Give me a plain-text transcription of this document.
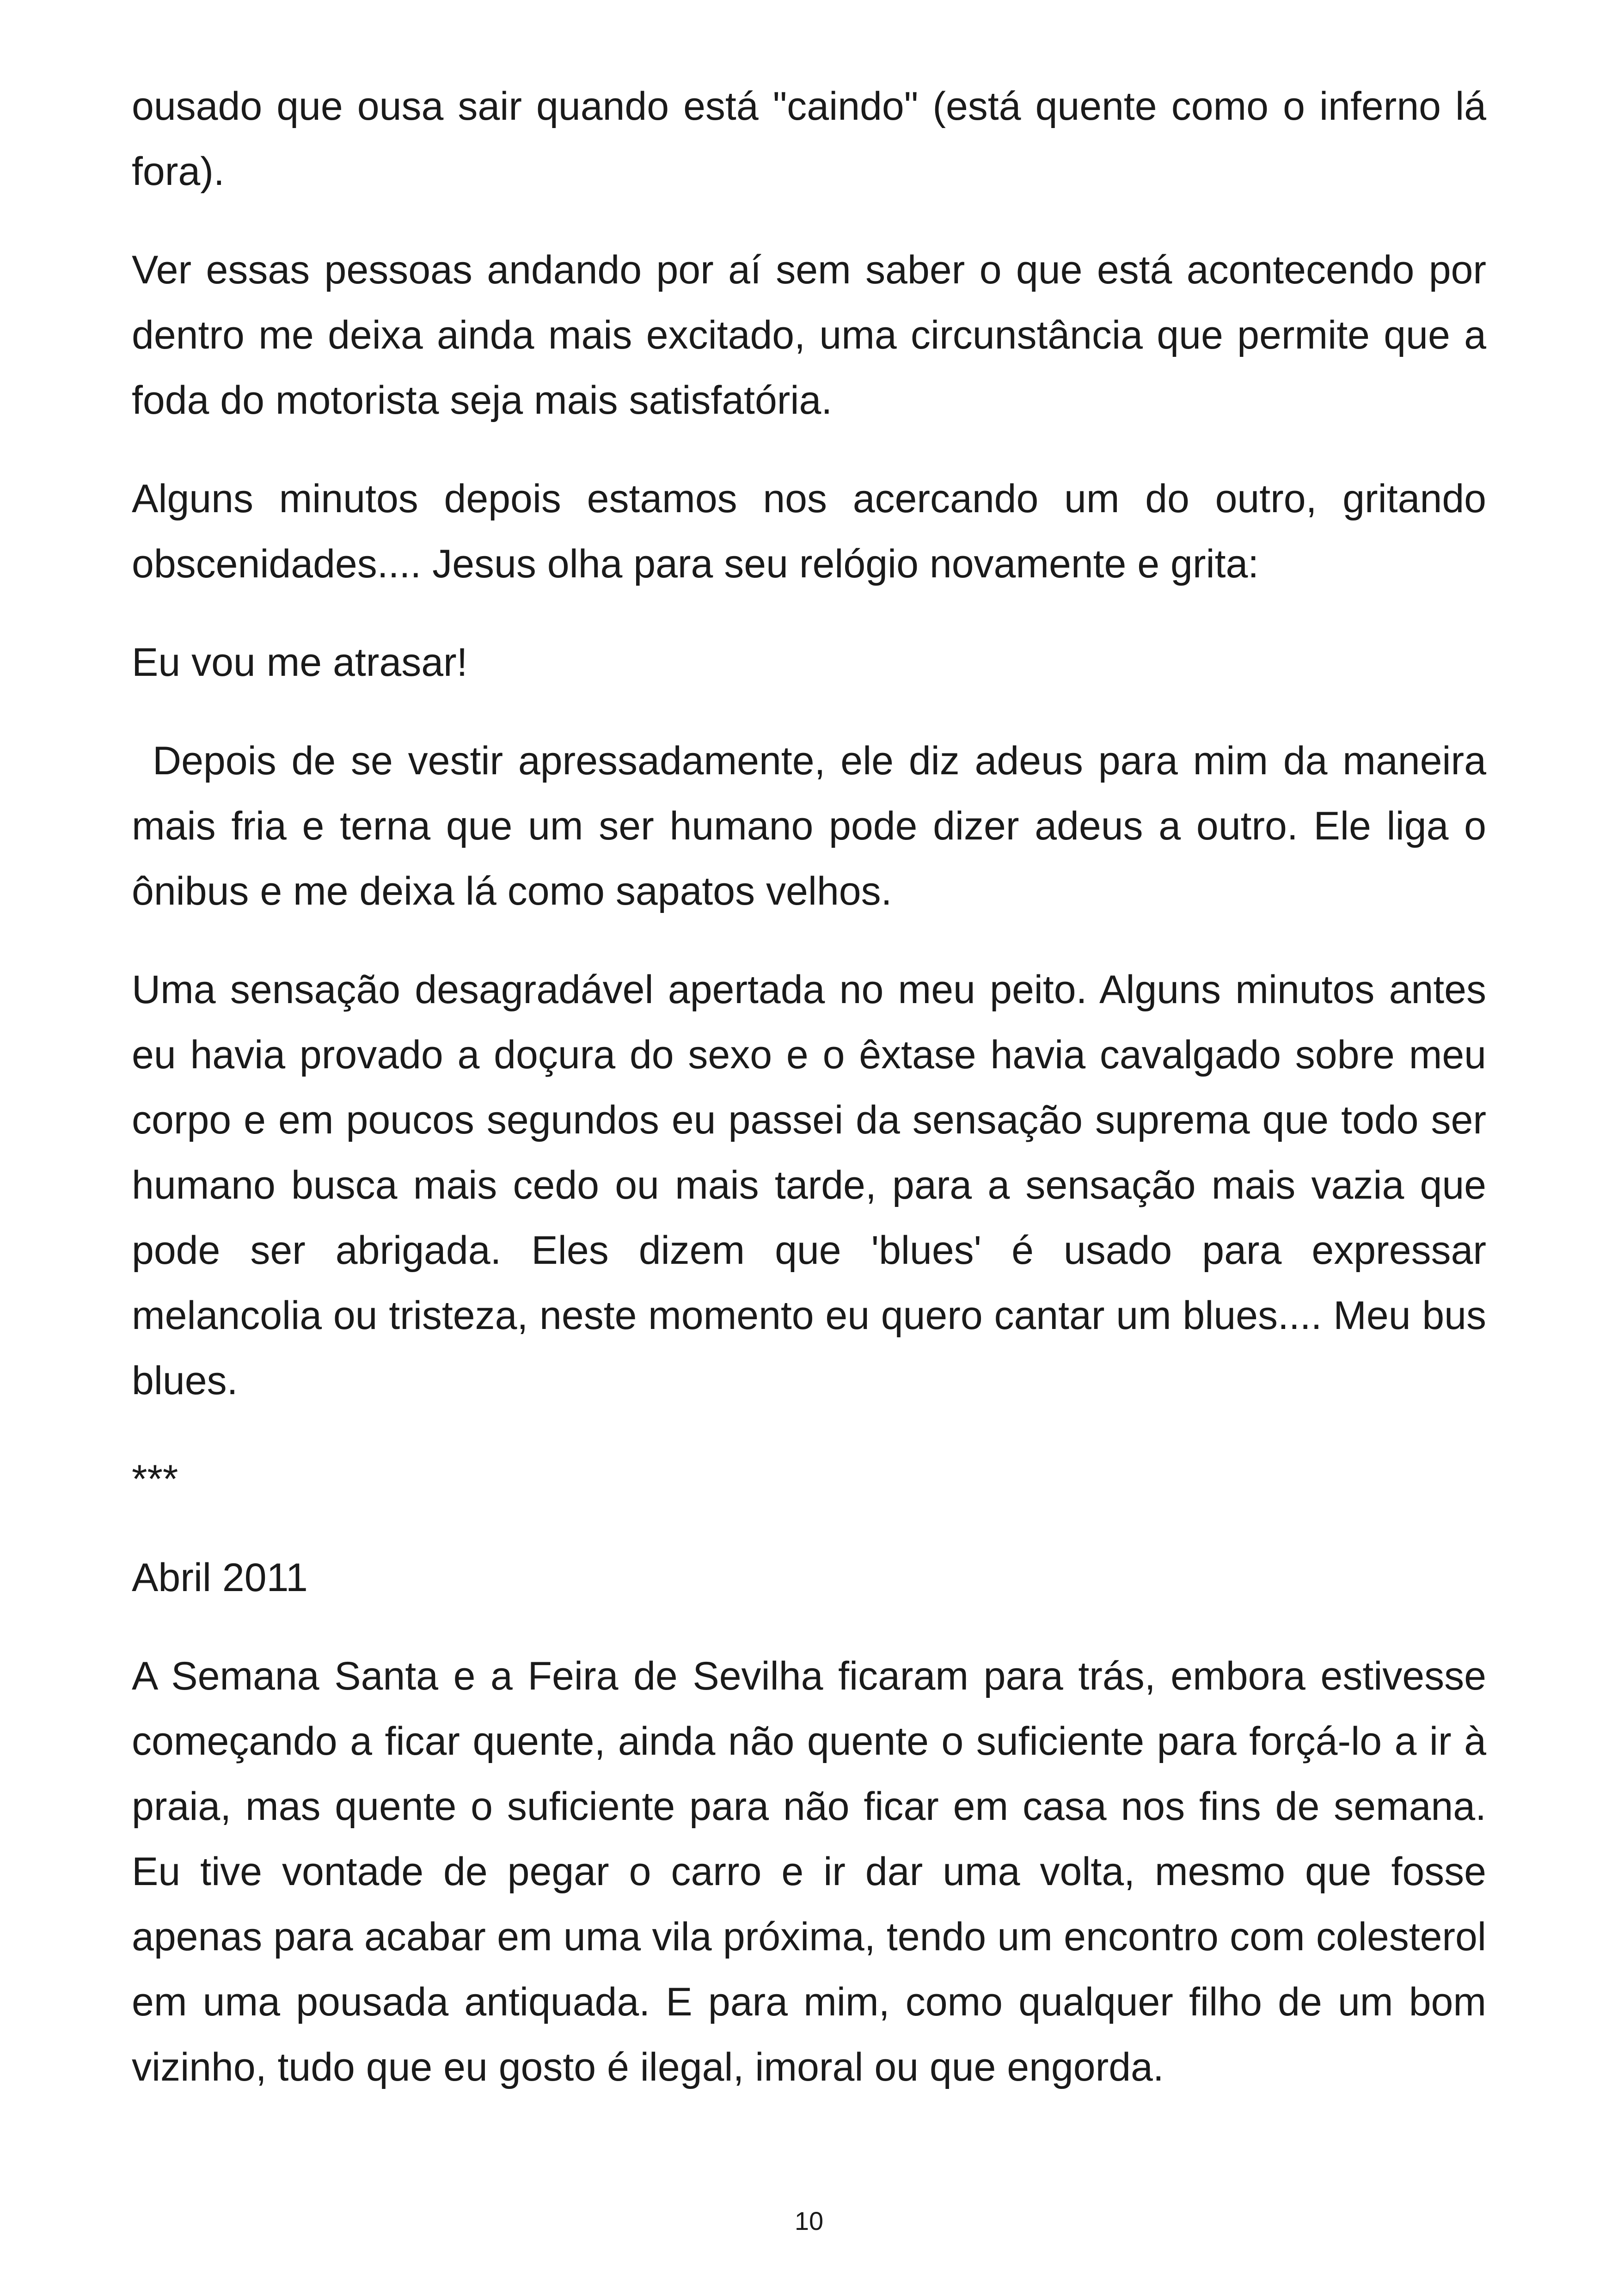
ousado que ousa sair quando está "caindo" (está quente como o inferno lá fora).

Ver essas pessoas andando por aí sem saber o que está acontecendo por dentro me deixa ainda mais excitado, uma circunstância que permite que a foda do motorista seja mais satisfatória.

Alguns minutos depois estamos nos acercando um do outro, gritando obscenidades.... Jesus olha para seu relógio novamente e grita:

Eu vou me atrasar!

Depois de se vestir apressadamente, ele diz adeus para mim da maneira mais fria e terna que um ser humano pode dizer adeus a outro. Ele liga o ônibus e me deixa lá como sapatos velhos.

Uma sensação desagradável apertada no meu peito. Alguns minutos antes eu havia provado a doçura do sexo e o êxtase havia cavalgado sobre meu corpo e em poucos segundos eu passei da sensação suprema que todo ser humano busca mais cedo ou mais tarde, para a sensação mais vazia que pode ser abrigada. Eles dizem que 'blues' é usado para expressar melancolia ou tristeza, neste momento eu quero cantar um blues.... Meu bus blues.

***

Abril 2011

A Semana Santa e a Feira de Sevilha ficaram para trás, embora estivesse começando a ficar quente, ainda não quente o suficiente para forçá-lo a ir à praia, mas quente o suficiente para não ficar em casa nos fins de semana. Eu tive vontade de pegar o carro e ir dar uma volta, mesmo que fosse apenas para acabar em uma vila próxima, tendo um encontro com colesterol em uma pousada antiquada. E para mim, como qualquer filho de um bom vizinho, tudo que eu gosto é ilegal, imoral ou que engorda.

10
